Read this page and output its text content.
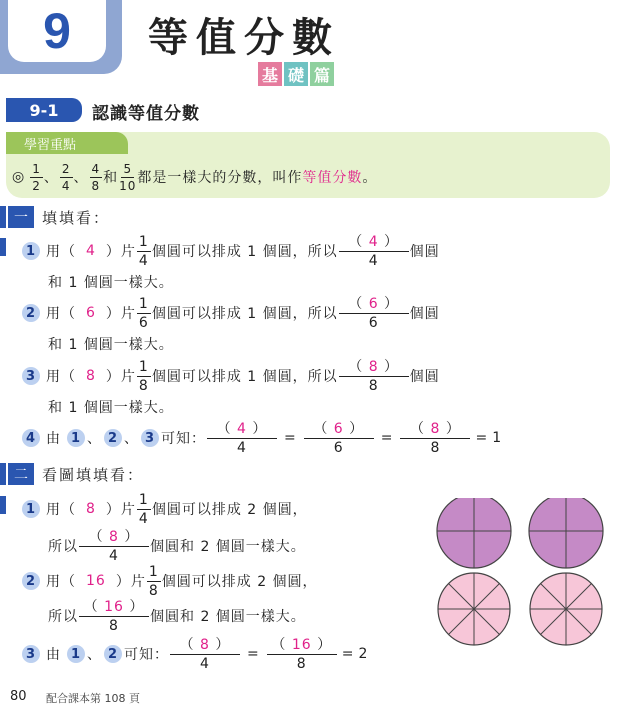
9 等值分數
基 礎 篇
9-1	認識等值分數
學習重點
◎ $\frac{1}{2}$ 、 $\frac{2}{4}$ 、 $\frac{4}{8}$ 和 $\frac{5}{10}$ 都是一樣大的分數，叫作 等值分數 。
一 填填看：
1 用（ 4 ）片 $\frac{1}{4}$ 個圓可以排成 1 個圓，所以 $\frac{( 4 )}{4}$ 個圓
和 1 個圓一樣大。
2 用（ 6 ）片 $\frac{1}{6}$ 個圓可以排成 1 個圓，所以 $\frac{( 6 )}{6}$ 個圓
和 1 個圓一樣大。
3 用（ 8 ）片 $\frac{1}{8}$ 個圓可以排成 1 個圓，所以 $\frac{( 8 )}{8}$ 個圓
和 1 個圓一樣大。
4 由 1 、 2 、 3 可知： $\frac{( 4 )}{4} = \frac{( 6 )}{6} = \frac{( 8 )}{8} = 1$
二 看圖填填看：
1 用（ 8 ）片 $\frac{1}{4}$ 個圓可以排成 2 個圓，
所以 $\frac{( 8 )}{4}$ 個圓和 2 個圓一樣大。
2 用（ 16 ）片 $\frac{1}{8}$ 個圓可以排成 2 個圓，
所以 $\frac{( 16 )}{8}$ 個圓和 2 個圓一樣大。
3 由 1 、 2 可知： $\frac{( 8 )}{4} = \frac{( 16 )}{8} = 2$
80 配合課本第 108 頁
